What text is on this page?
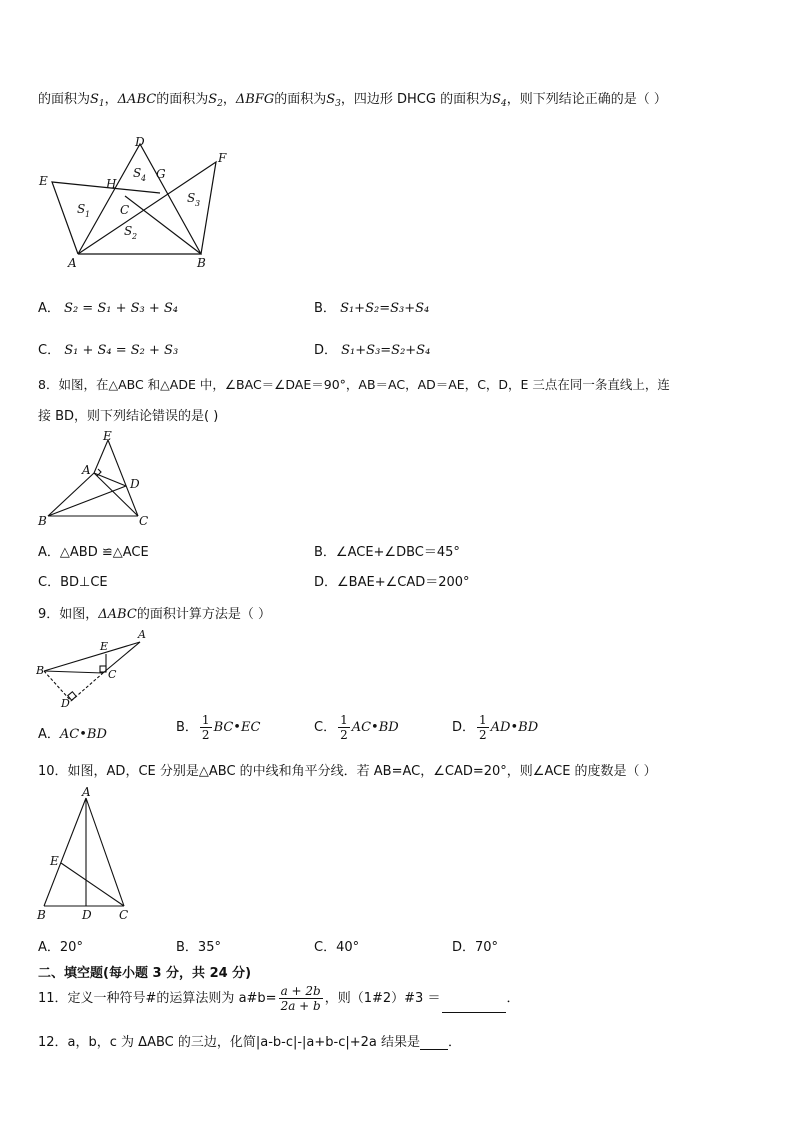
的面积为$S_1$，ΔABC的面积为$S_2$，ΔBFG的面积为$S_3$，四边形 DHCG 的面积为$S_4$，则下列结论正确的是（ ）
D
E
F
H
G
C
A	B
S 1
S 2
S 3
S 4
A． S₂ = S₁ + S₃ + S₄	B． S₁+S₂=S₃+S₄
C． S₁ + S₄ = S₂ + S₃	D． S₁+S₃=S₂+S₄
8．如图，在△ABC 和△ADE 中，∠BAC＝∠DAE＝90°，AB＝AC，AD＝AE，C，D，E 三点在同一条直线上，连
接 BD，则下列结论错误的是( )
E
A
D
B	C
A．△ABD ≌△ACE	B．∠ACE+∠DBC＝45°
C．BD⊥CE	D．∠BAE+∠CAD＝200°
9．如图，ΔABC的面积计算方法是（ ）
A
E
B	C
D
A．AC•BD	B． $\frac{1}{2}$ BC•EC	C． $\frac{1}{2}$ AC•BD	D． $\frac{1}{2}$ AD•BD
10．如图，AD，CE 分别是△ABC 的中线和角平分线．若 AB=AC，∠CAD=20°，则∠ACE 的度数是（ ）
A
E
B	D C
A．20°	B．35°	C．40°	D．70°
二、填空题(每小题 3 分，共 24 分)
11．定义一种符号#的运算法则为 a#b= $\frac{a + 2b}{2a + b}$ ，则（1#2）#3 ＝	．
12．a，b，c 为 ΔABC 的三边，化简|a-b-c|-|a+b-c|+2a 结果是 ．
